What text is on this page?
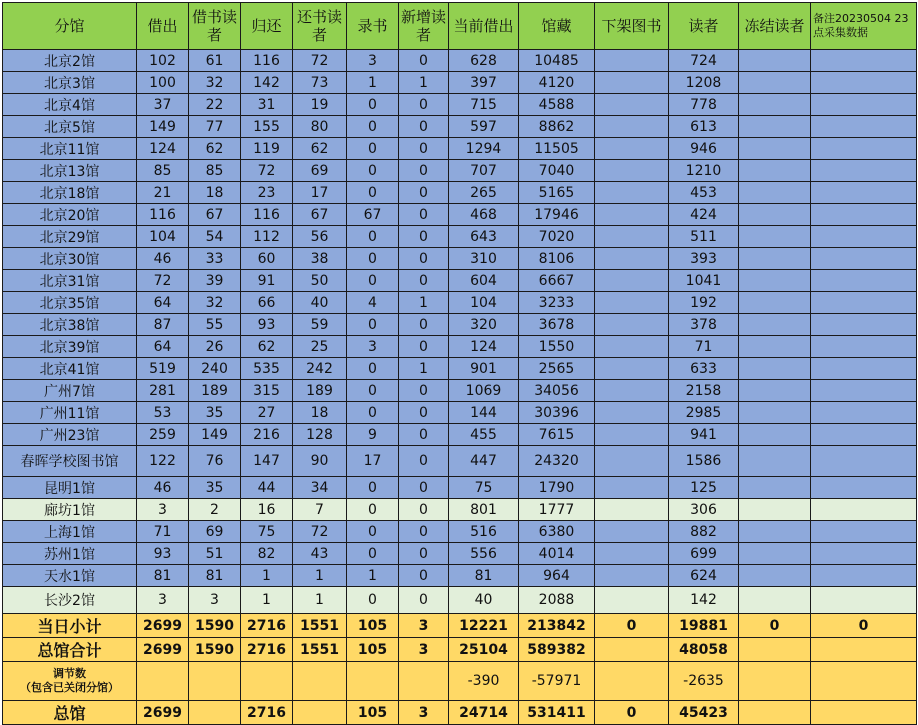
分馆	借出	借书读者	归还	还书读者	录书	新增读者	当前借出	馆藏	下架图书	读者	冻结读者	备注20230504 23点采集数据
北京2馆	102	61	116	72	3	0	628	10485		724		
北京3馆	100	32	142	73	1	1	397	4120		1208		
北京4馆	37	22	31	19	0	0	715	4588		778		
北京5馆	149	77	155	80	0	0	597	8862		613		
北京11馆	124	62	119	62	0	0	1294	11505		946		
北京13馆	85	85	72	69	0	0	707	7040		1210		
北京18馆	21	18	23	17	0	0	265	5165		453		
北京20馆	116	67	116	67	67	0	468	17946		424		
北京29馆	104	54	112	56	0	0	643	7020		511		
北京30馆	46	33	60	38	0	0	310	8106		393		
北京31馆	72	39	91	50	0	0	604	6667		1041		
北京35馆	64	32	66	40	4	1	104	3233		192		
北京38馆	87	55	93	59	0	0	320	3678		378		
北京39馆	64	26	62	25	3	0	124	1550		71		
北京41馆	519	240	535	242	0	1	901	2565		633		
广州7馆	281	189	315	189	0	0	1069	34056		2158		
广州11馆	53	35	27	18	0	0	144	30396		2985		
广州23馆	259	149	216	128	9	0	455	7615		941		
春晖学校图书馆	122	76	147	90	17	0	447	24320		1586		
昆明1馆	46	35	44	34	0	0	75	1790		125		
廊坊1馆	3	2	16	7	0	0	801	1777		306		
上海1馆	71	69	75	72	0	0	516	6380		882		
苏州1馆	93	51	82	43	0	0	556	4014		699		
天水1馆	81	81	1	1	1	0	81	964		624		
长沙2馆	3	3	1	1	0	0	40	2088		142		
当日小计	2699	1590	2716	1551	105	3	12221	213842	0	19881	0	0
总馆合计	2699	1590	2716	1551	105	3	25104	589382		48058		
调节数
（包含已关闭分馆）							-390	-57971		-2635		
总馆	2699		2716		105	3	24714	531411	0	45423		
